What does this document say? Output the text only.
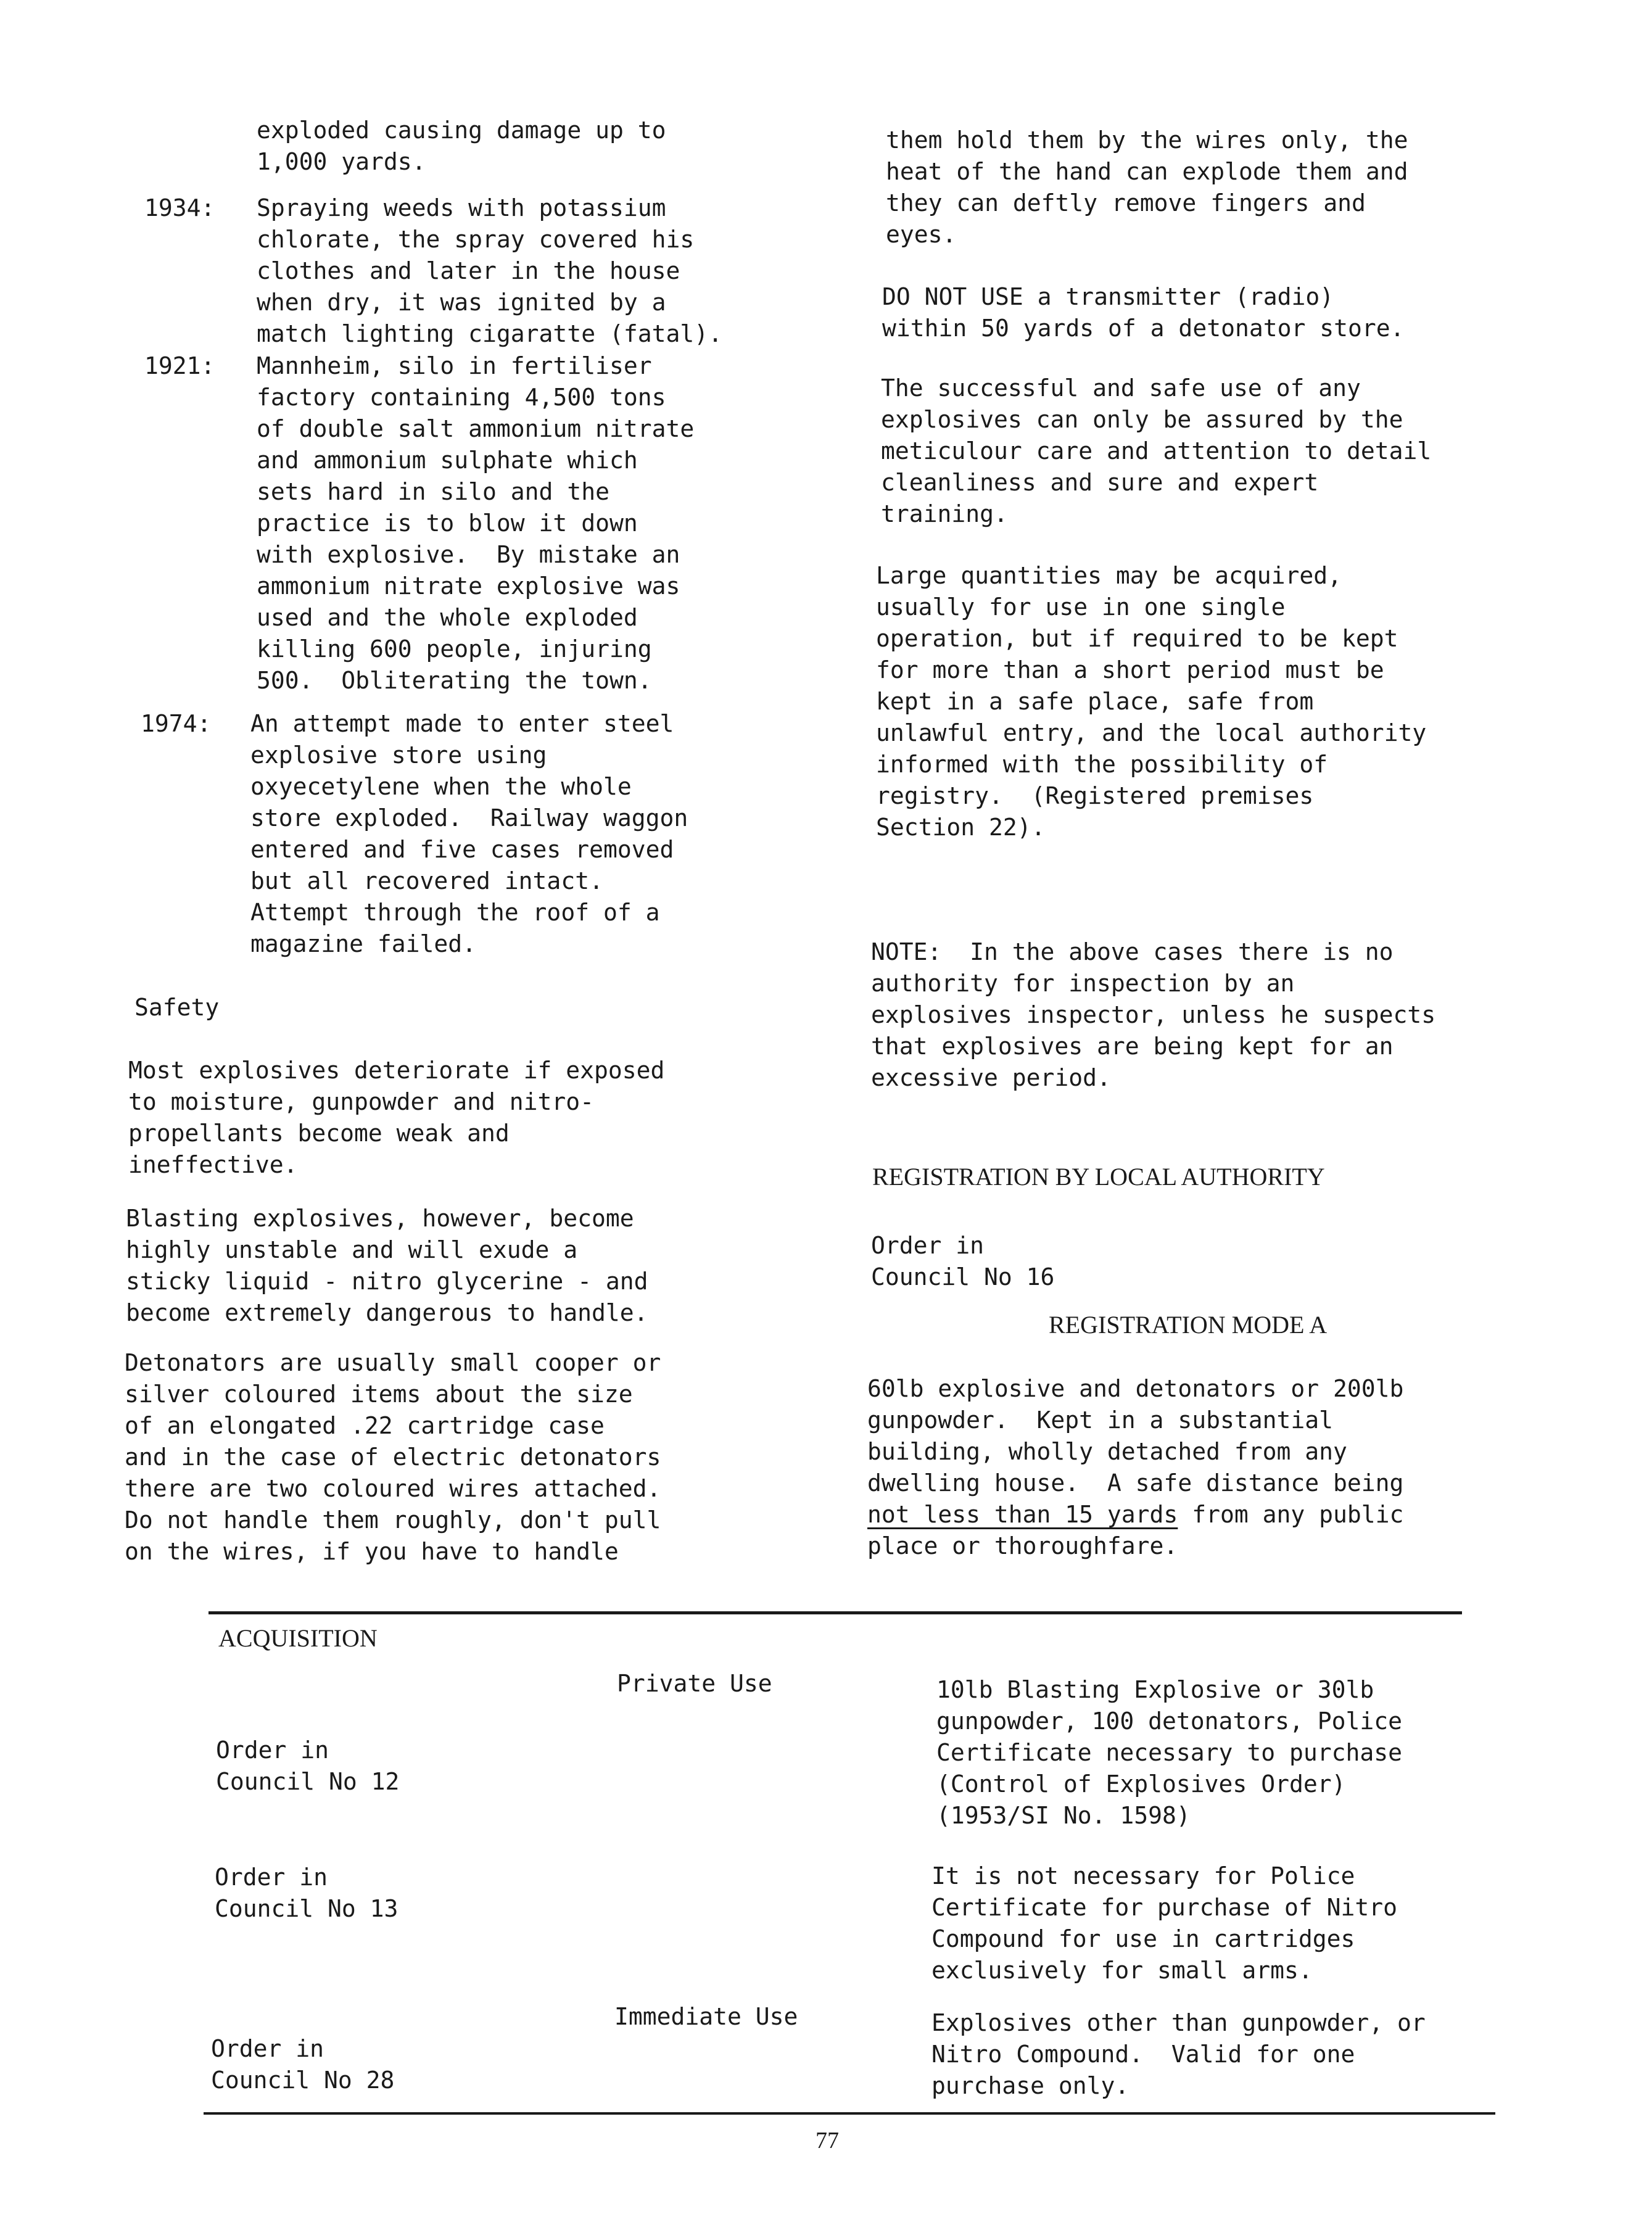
exploded causing damage up to
1,000 yards.

1934: Spraying weeds with potassium
chlorate, the spray covered his
clothes and later in the house
when dry, it was ignited by a
match lighting cigaratte (fatal).

1921: Mannheim, silo in fertiliser
factory containing 4,500 tons
of double salt ammonium nitrate
and ammonium sulphate which
sets hard in silo and the
practice is to blow it down
with explosive.  By mistake an
ammonium nitrate explosive was
used and the whole exploded
killing 600 people, injuring
500.  Obliterating the town.

1974: An attempt made to enter steel
explosive store using
oxyecetylene when the whole
store exploded.  Railway waggon
entered and five cases removed
but all recovered intact.
Attempt through the roof of a
magazine failed.

Safety

Most explosives deteriorate if exposed
to moisture, gunpowder and nitro-
propellants become weak and
ineffective.

Blasting explosives, however, become
highly unstable and will exude a
sticky liquid - nitro glycerine - and
become extremely dangerous to handle.

Detonators are usually small cooper or
silver coloured items about the size
of an elongated .22 cartridge case
and in the case of electric detonators
there are two coloured wires attached.
Do not handle them roughly, don't pull
on the wires, if you have to handle

them hold them by the wires only, the
heat of the hand can explode them and
they can deftly remove fingers and
eyes.

DO NOT USE a transmitter (radio)
within 50 yards of a detonator store.

The successful and safe use of any
explosives can only be assured by the
meticulour care and attention to detail
cleanliness and sure and expert
training.

Large quantities may be acquired,
usually for use in one single
operation, but if required to be kept
for more than a short period must be
kept in a safe place, safe from
unlawful entry, and the local authority
informed with the possibility of
registry.  (Registered premises
Section 22).

NOTE:  In the above cases there is no
authority for inspection by an
explosives inspector, unless he suspects
that explosives are being kept for an
excessive period.

REGISTRATION BY LOCAL AUTHORITY

Order in
Council No 16

REGISTRATION MODE A

60lb explosive and detonators or 200lb
gunpowder.  Kept in a substantial
building, wholly detached from any
dwelling house.  A safe distance being

not less than 15 yards from any public

place or thoroughfare.

ACQUISITION

Private Use

Order in
Council No 12

10lb Blasting Explosive or 30lb
gunpowder, 100 detonators, Police
Certificate necessary to purchase
(Control of Explosives Order)
(1953/SI No. 1598)

Order in
Council No 13

It is not necessary for Police
Certificate for purchase of Nitro
Compound for use in cartridges
exclusively for small arms.

Immediate Use

Order in
Council No 28

Explosives other than gunpowder, or
Nitro Compound.  Valid for one
purchase only.

77
